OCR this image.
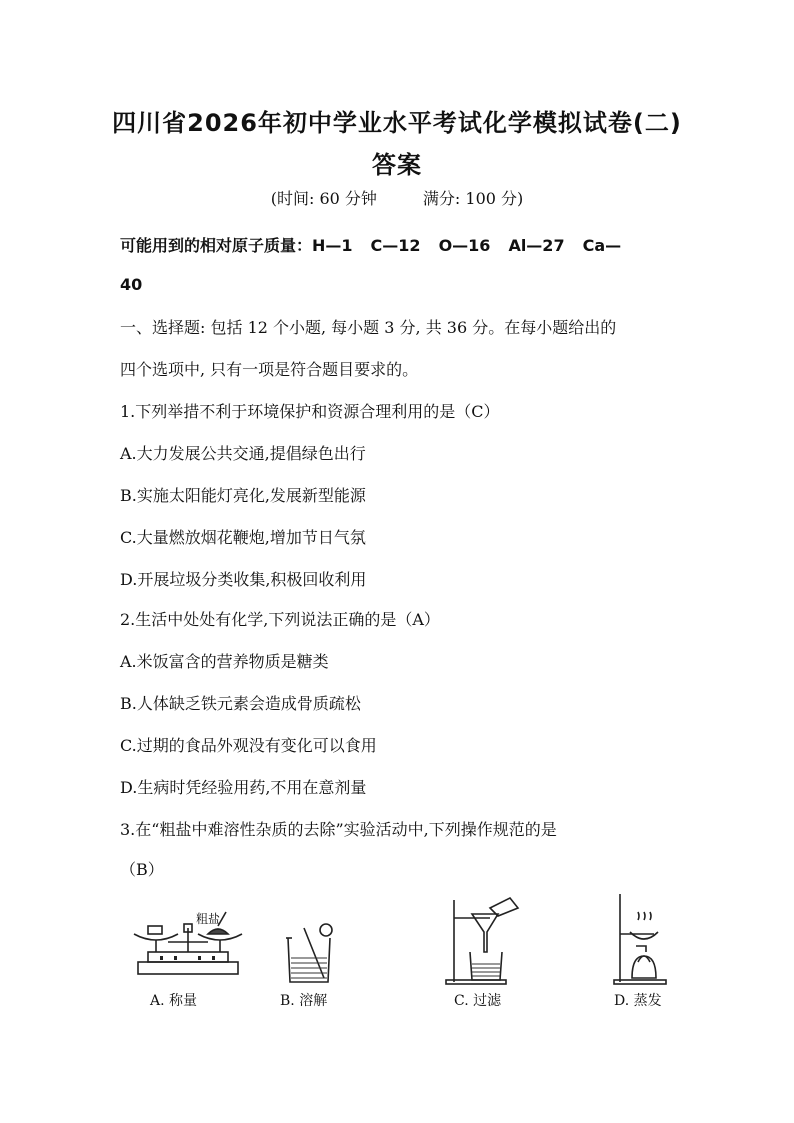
四川省2026年初中学业水平考试化学模拟试卷(二)
答案
(时间: 60 分钟	满分: 100 分)
可能用到的相对原子质量：H—1 C—12 O—16 Al—27 Ca—
40
一、选择题: 包括 12 个小题, 每小题 3 分, 共 36 分。在每小题给出的
四个选项中, 只有一项是符合题目要求的。
1.下列举措不利于环境保护和资源合理利用的是（C）
A.大力发展公共交通,提倡绿色出行
B.实施太阳能灯亮化,发展新型能源
C.大量燃放烟花鞭炮,增加节日气氛
D.开展垃圾分类收集,积极回收利用
2.生活中处处有化学,下列说法正确的是（A）
A.米饭富含的营养物质是糖类
B.人体缺乏铁元素会造成骨质疏松
C.过期的食品外观没有变化可以食用
D.生病时凭经验用药,不用在意剂量
3.在“粗盐中难溶性杂质的去除”实验活动中,下列操作规范的是
（B）
粗盐
A. 称量	B. 溶解	C. 过滤	D. 蒸发
